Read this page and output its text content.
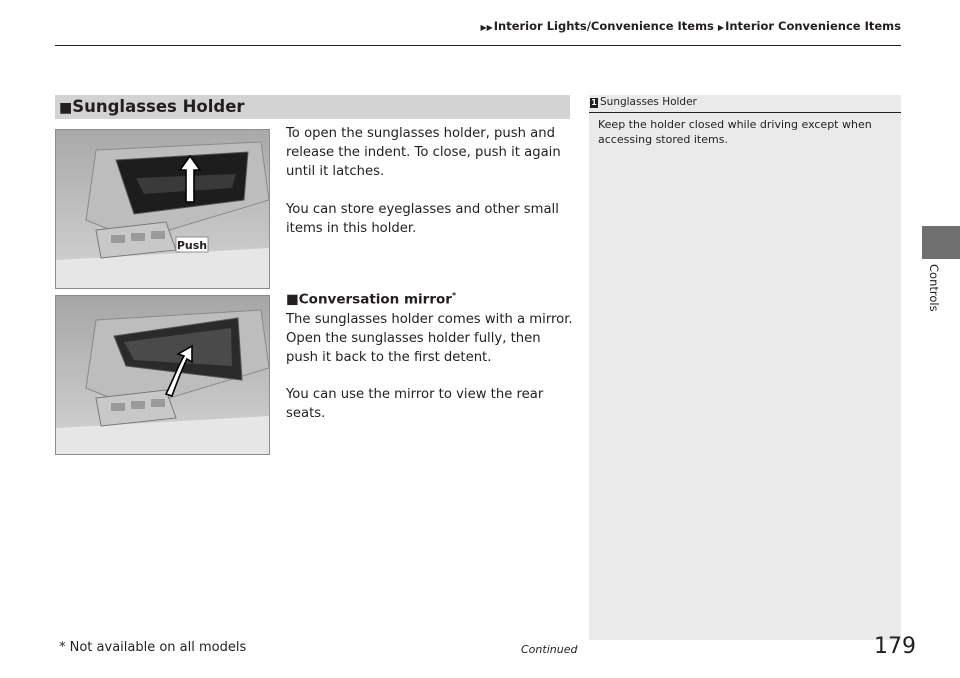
▶▶Interior Lights/Convenience Items ▶Interior Convenience Items
■Sunglasses Holder
Push
To open the sunglasses holder, push and release the indent. To close, push it again until it latches.
You can store eyeglasses and other small items in this holder.
■Conversation mirror*
The sunglasses holder comes with a mirror. Open the sunglasses holder fully, then push it back to the first detent.
You can use the mirror to view the rear seats.
1 Sunglasses Holder
Keep the holder closed while driving except when accessing stored items.
Controls
* Not available on all models	Continued	179
